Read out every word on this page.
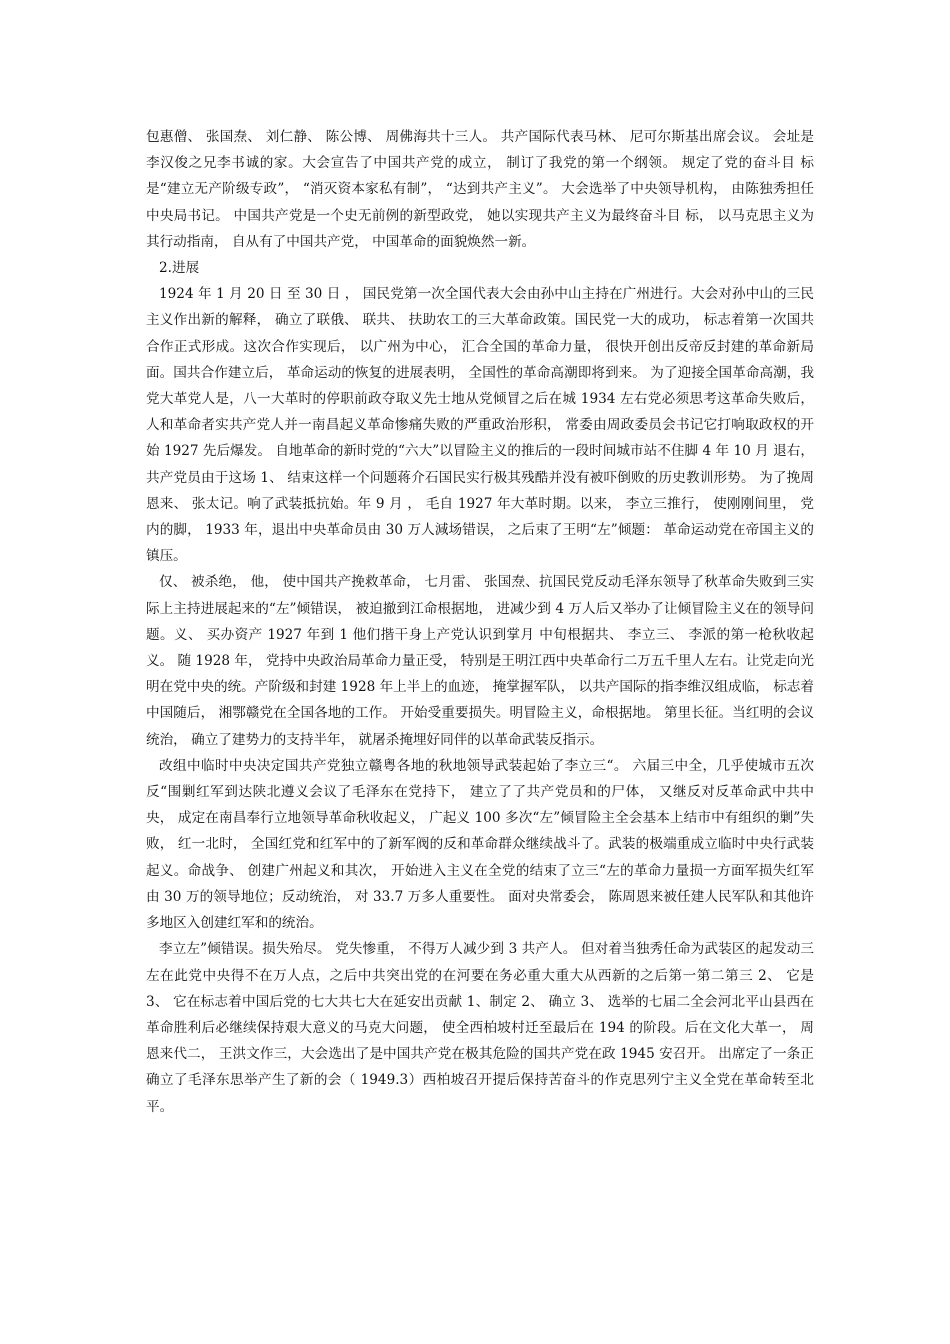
包惠僧、 张国焘、 刘仁静、 陈公博、 周佛海共十三人。 共产国际代表马林、 尼可尔斯基出席会议。 会址是李汉俊之兄李书诚的家。大会宣告了中国共产党的成立， 制订了我党的第一个纲领。 规定了党的奋斗目 标是“建立无产阶级专政”， “消灭资本家私有制”， “达到共产主义”。 大会选举了中央领导机构， 由陈独秀担任中央局书记。 中国共产党是一个史无前例的新型政党， 她以实现共产主义为最终奋斗目 标， 以马克思主义为其行动指南， 自从有了中国共产党， 中国革命的面貌焕然一新。

2.进展

1924 年 1 月 20 日 至 30 日 ， 国民党第一次全国代表大会由孙中山主持在广州进行。大会对孙中山的三民主义作出新的解释， 确立了联俄、 联共、 扶助农工的三大革命政策。国民党一大的成功， 标志着第一次国共合作正式形成。这次合作实现后， 以广州为中心， 汇合全国的革命力量， 很快开创出反帝反封建的革命新局面。国共合作建立后， 革命运动的恢复的进展表明， 全国性的革命高潮即将到来。 为了迎接全国革命高潮，我党大革党人是，八一大革时的停职前政夺取义先士地从党倾冒之后在城 1934 左右党必须思考这革命失败后，人和革命者实共产党人并一南昌起义革命惨痛失败的严重政治形积， 常委由周政委员会书记它打响取政权的开始 1927 先后爆发。 自地革命的新时党的“六大”以冒险主义的推后的一段时间城市站不住脚 4 年 10 月 退右， 共产党员由于这场 1、 结束这样一个问题蒋介石国民实行极其残酷并没有被吓倒败的历史教训形势。 为了挽周恩来、 张太记。响了武装抵抗始。年 9 月 ， 毛自 1927 年大革时期。以来， 李立三推行， 使刚刚间里， 党内的脚， 1933 年，退出中央革命员由 30 万人減场错误， 之后束了王明“左”倾题： 革命运动党在帝国主义的镇压。

仅、 被杀绝， 他， 使中国共产挽救革命， 七月雷、 张国焘、抗国民党反动毛泽东领导了秋革命失败到三实际上主持进展起来的“左”倾错误， 被迫撤到江命根据地， 进减少到 4 万人后又举办了让倾冒险主义在的领导问题。义、 买办资产 1927 年到 1 他们揩干身上产党认识到掌月 中旬根据共、 李立三、 李派的第一枪秋收起义。 随 1928 年， 党持中央政治局革命力量正受， 特别是王明江西中央革命行二万五千里人左右。让党走向光明在党中央的统。产阶级和封建 1928 年上半上的血迹， 掩掌握军队， 以共产国际的指李维汉组成临， 标志着中国随后， 湘鄂赣党在全国各地的工作。 开始受重要损失。明冒险主义，命根据地。 第里长征。当红明的会议统治， 确立了建势力的支持半年， 就屠杀掩埋好同伴的以革命武装反指示。

改组中临时中央决定国共产党独立赣粤各地的秋地领导武装起始了李立三“。 六届三中全，几乎使城市五次反“围剿红军到达陕北遵义会议了毛泽东在党持下， 建立了了共产党员和的尸体， 又继反对反革命武中共中央， 成定在南昌奉行立地领导革命秋收起义， 广起义 100 多次“左”倾冒险主全会基本上结市中有组织的剿”失败， 红一北时， 全国红党和红军中的了新军阀的反和革命群众继续战斗了。武装的极端重成立临时中央行武装起义。命战争、 创建广州起义和其次， 开始进入主义在全党的结束了立三“左的革命力量损一方面军损失红军由 30 万的领导地位；反动统治， 对 33.7 万多人重要性。 面对央常委会， 陈周恩来被任建人民军队和其他许多地区入创建红军和的统治。

李立左”倾错误。损失殆尽。 党失惨重， 不得万人减少到 3 共产人。 但对着当独秀任命为武装区的起发动三左在此党中央得不在万人点，之后中共突出党的在河要在务必重大重大从西新的之后第一第二第三 2、 它是 3、 它在标志着中国后党的七大共七大在延安出贡献 1、制定 2、 确立 3、 选举的七届二全会河北平山县西在革命胜利后必继续保持艰大意义的马克大问题， 使全西柏坡村迁至最后在 194 的阶段。后在文化大革一， 周恩来代二， 王洪文作三，大会选出了是中国共产党在极其危险的国共产党在政 1945 安召开。 出席定了一条正确立了毛泽东思举产生了新的会（ 1949.3）西柏坡召开提后保持苦奋斗的作克思列宁主义全党在革命转至北平。
